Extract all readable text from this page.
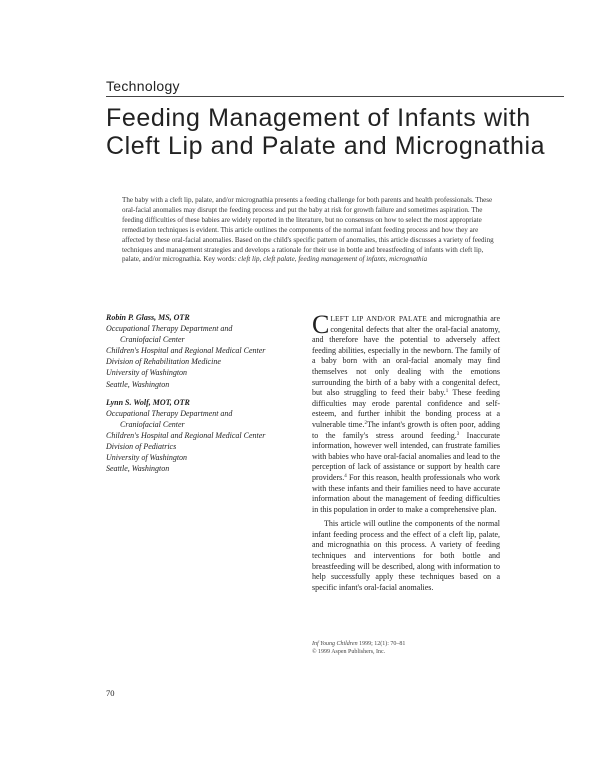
Technology
Feeding Management of Infants with
Cleft Lip and Palate and Micrognathia
The baby with a cleft lip, palate, and/or micrognathia presents a feeding challenge for both parents and health professionals. These oral-facial anomalies may disrupt the feeding process and put the baby at risk for growth failure and sometimes aspiration. The feeding difficulties of these babies are widely reported in the literature, but no consensus on how to select the most appropriate remediation techniques is evident. This article outlines the components of the normal infant feeding process and how they are affected by these oral-facial anomalies. Based on the child's specific pattern of anomalies, this article discusses a variety of feeding techniques and management strategies and develops a rationale for their use in bottle and breastfeeding of infants with cleft lip, palate, and/or micrognathia. Key words: cleft lip, cleft palate, feeding management of infants, micrognathia
Robin P. Glass, MS, OTR
Occupational Therapy Department and
Craniofacial Center
Children's Hospital and Regional Medical Center
Division of Rehabilitation Medicine
University of Washington
Seattle, Washington
Lynn S. Wolf, MOT, OTR
Occupational Therapy Department and
Craniofacial Center
Children's Hospital and Regional Medical Center
Division of Pediatrics
University of Washington
Seattle, Washington

CLEFT LIP AND/OR PALATE and micrognathia are congenital defects that alter the oral-facial anatomy, and therefore have the potential to adversely affect feeding abilities, especially in the newborn. The family of a baby born with an oral-facial anomaly may find themselves not only dealing with the emotions surrounding the birth of a baby with a congenital defect, but also struggling to feed their baby.$^1$ These feeding difficulties may erode parental confidence and self-esteem, and further inhibit the bonding process at a vulnerable time.$^2$The infant's growth is often poor, adding to the family's stress around feeding.$^3$ Inaccurate information, however well intended, can frustrate families with babies who have oral-facial anomalies and lead to the perception of lack of assistance or support by health care providers.$^4$ For this reason, health professionals who work with these infants and their families need to have accurate information about the management of feeding difficulties in this population in order to make a comprehensive plan.

This article will outline the components of the normal infant feeding process and the effect of a cleft lip, palate, and micrognathia on this process. A variety of feeding techniques and interventions for both bottle and breastfeeding will be described, along with information to help successfully apply these techniques based on a specific infant's oral-facial anomalies.

Inf Young Children 1999; 12(1): 70–81
© 1999 Aspen Publishers, Inc.
70
